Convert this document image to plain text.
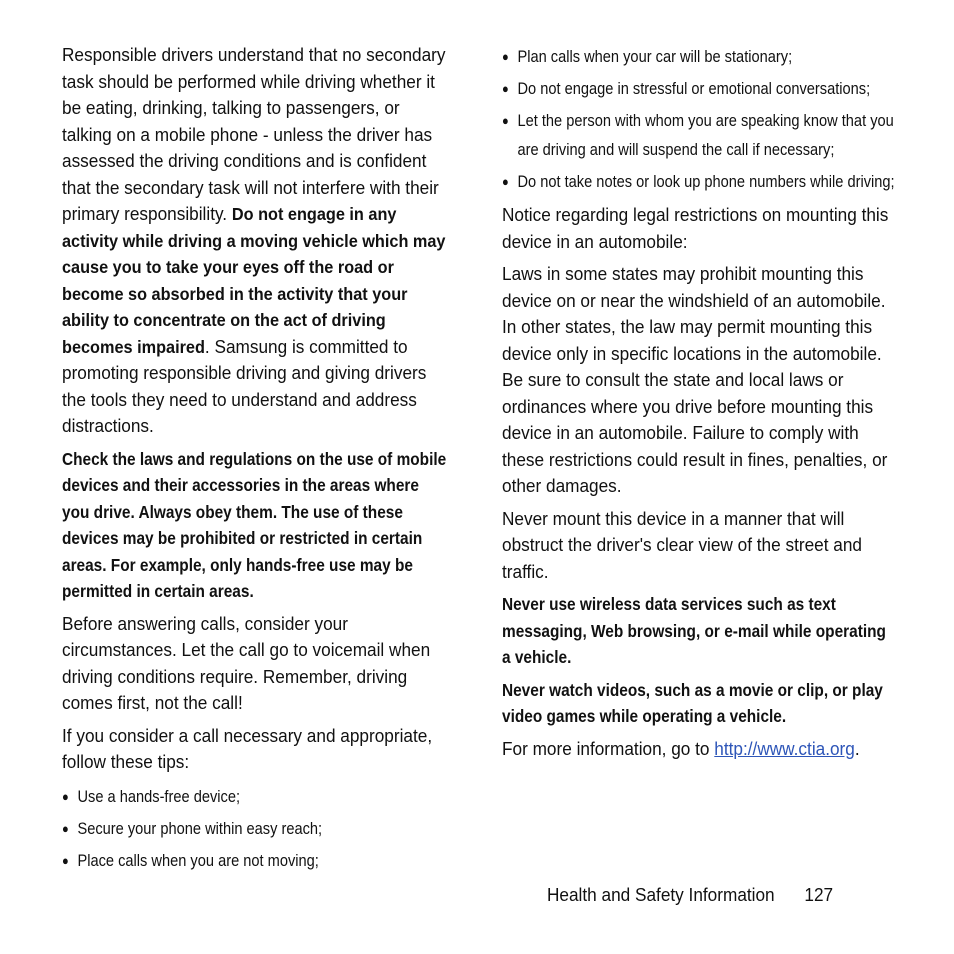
Responsible drivers understand that no secondary task should be performed while driving whether it be eating, drinking, talking to passengers, or talking on a mobile phone - unless the driver has assessed the driving conditions and is confident that the secondary task will not interfere with their primary responsibility. Do not engage in any activity while driving a moving vehicle which may cause you to take your eyes off the road or become so absorbed in the activity that your ability to concentrate on the act of driving becomes impaired. Samsung is committed to promoting responsible driving and giving drivers the tools they need to understand and address distractions.

Check the laws and regulations on the use of mobile devices and their accessories in the areas where you drive. Always obey them. The use of these devices may be prohibited or restricted in certain areas. For example, only hands-free use may be permitted in certain areas.

Before answering calls, consider your circumstances. Let the call go to voicemail when driving conditions require. Remember, driving comes first, not the call!

If you consider a call necessary and appropriate, follow these tips:

● Use a hands-free device;
● Secure your phone within easy reach;
● Place calls when you are not moving;
● Plan calls when your car will be stationary;
● Do not engage in stressful or emotional conversations;
● Let the person with whom you are speaking know that you are driving and will suspend the call if necessary;
● Do not take notes or look up phone numbers while driving;

Notice regarding legal restrictions on mounting this device in an automobile:

Laws in some states may prohibit mounting this device on or near the windshield of an automobile. In other states, the law may permit mounting this device only in specific locations in the automobile. Be sure to consult the state and local laws or ordinances where you drive before mounting this device in an automobile. Failure to comply with these restrictions could result in fines, penalties, or other damages.

Never mount this device in a manner that will obstruct the driver's clear view of the street and traffic.

Never use wireless data services such as text messaging, Web browsing, or e-mail while operating a vehicle.

Never watch videos, such as a movie or clip, or play video games while operating a vehicle.

For more information, go to http://www.ctia.org.

Health and Safety Information 127
